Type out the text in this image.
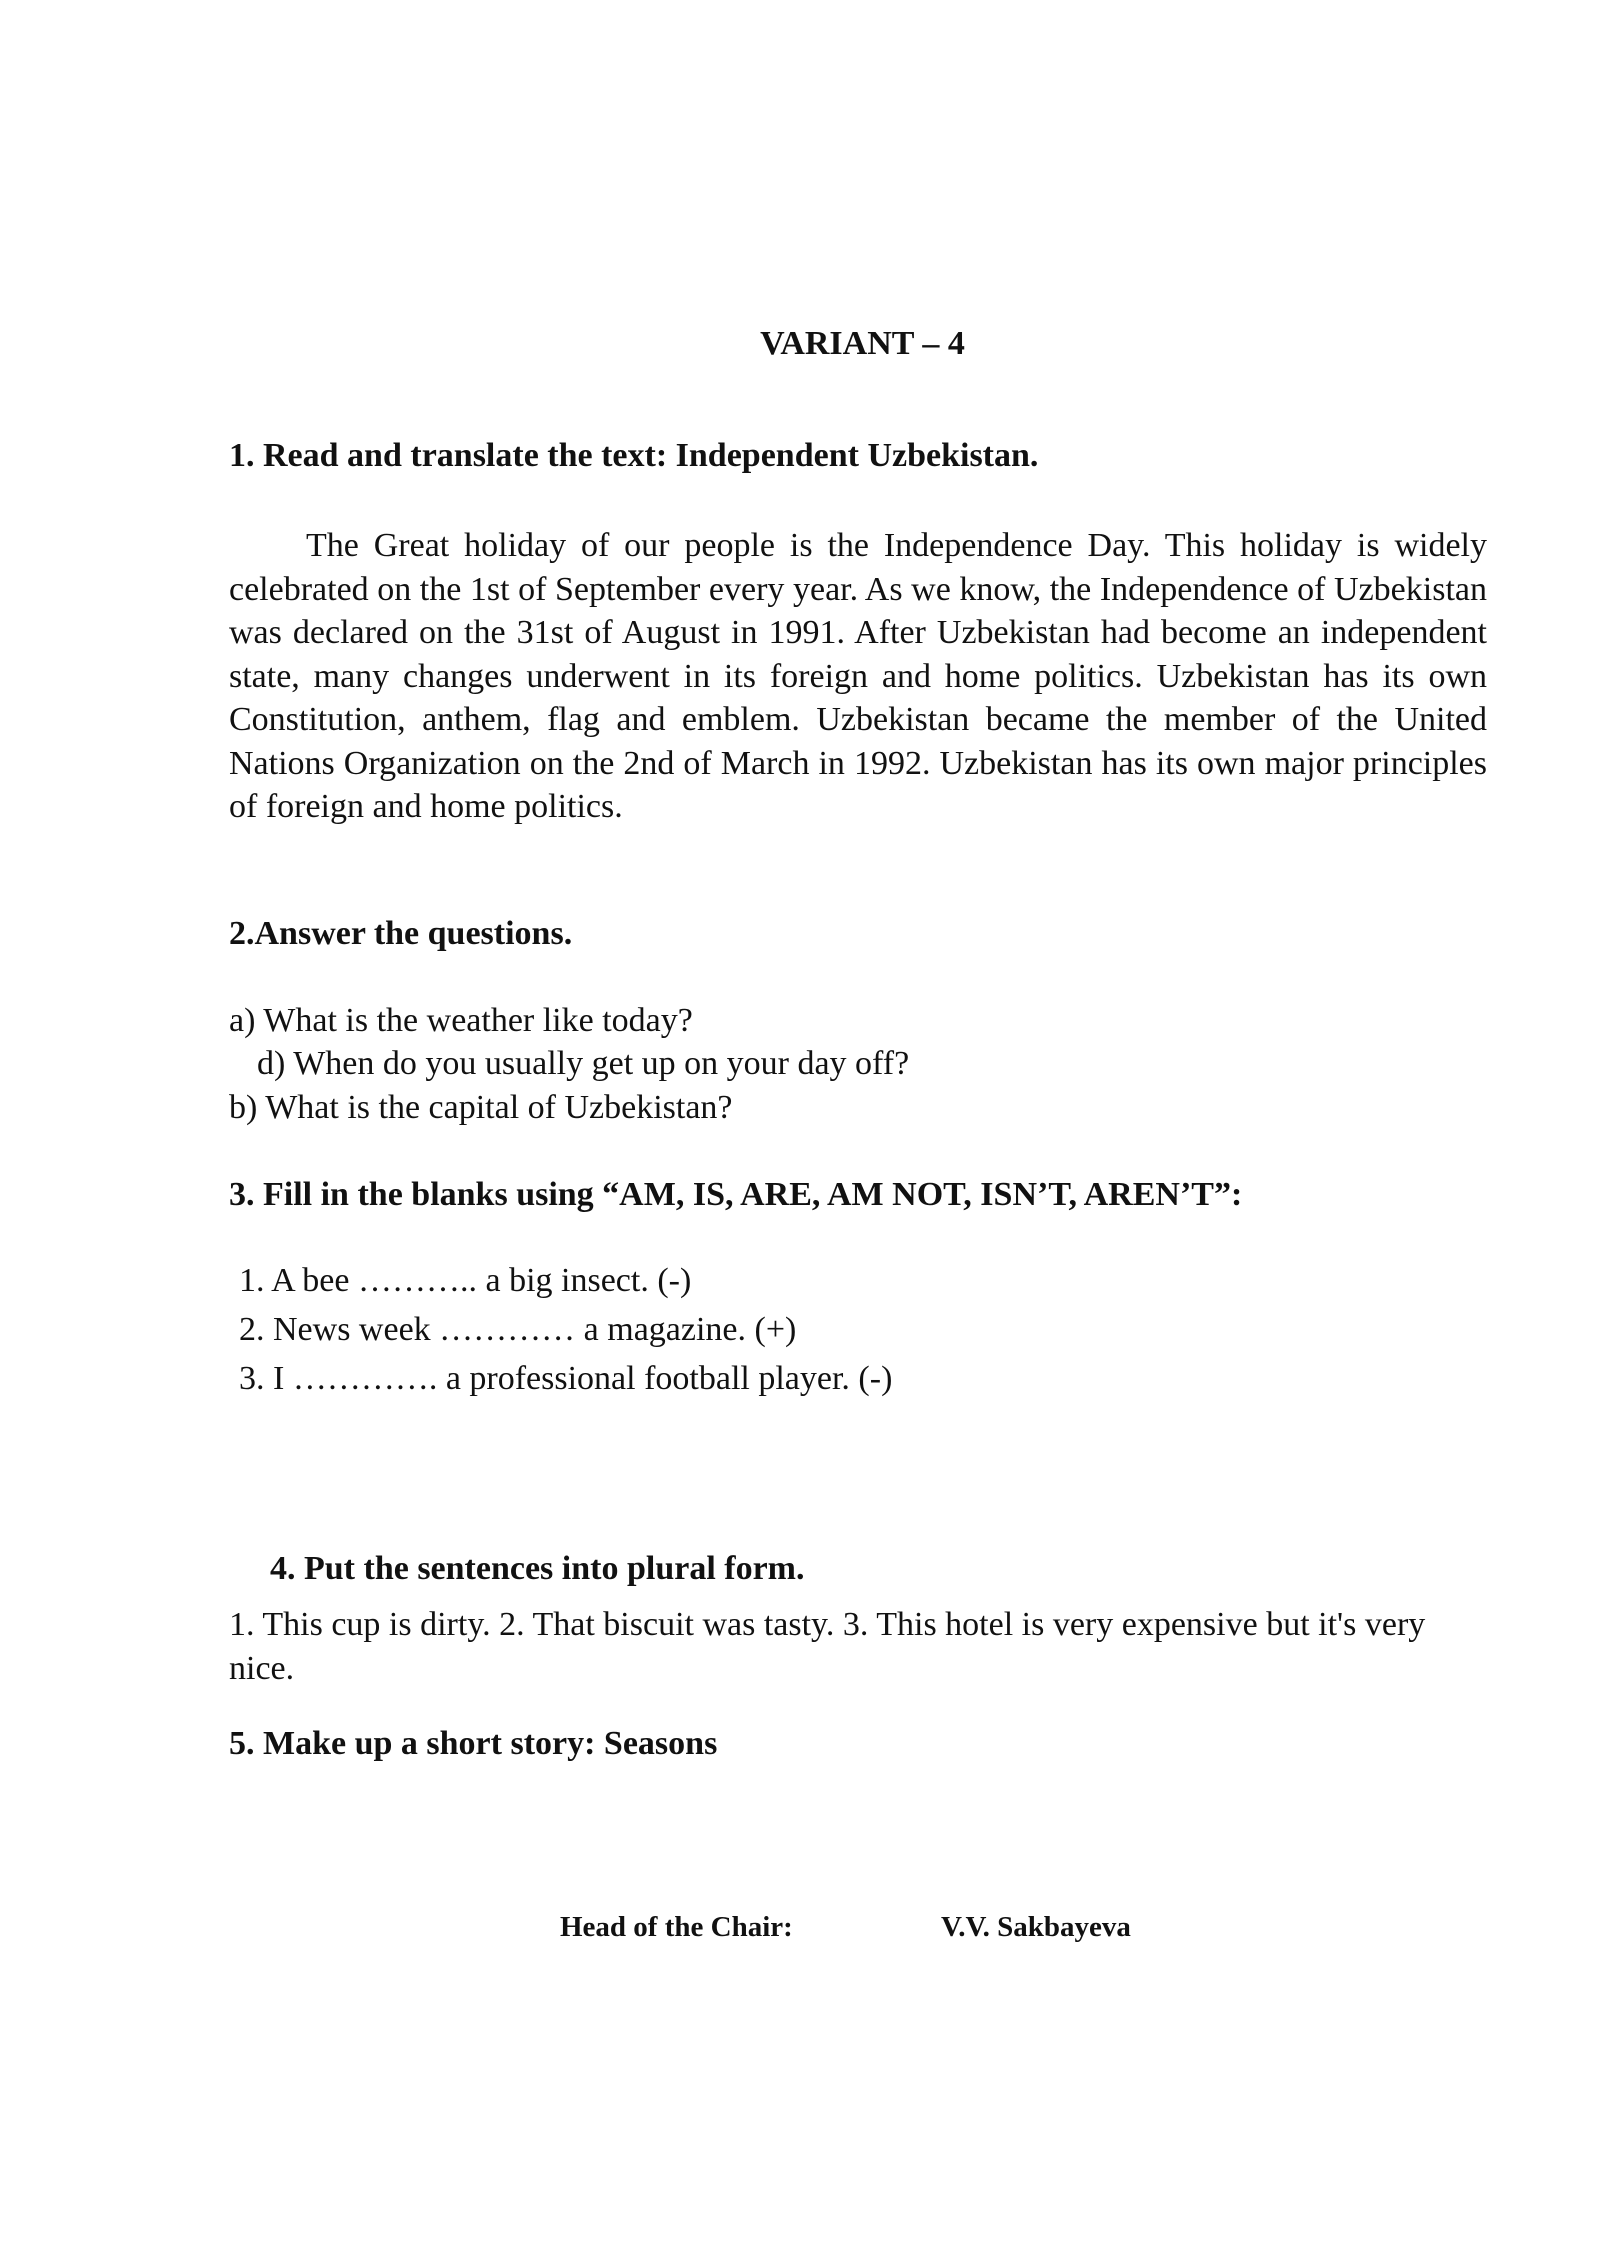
VARIANT – 4
1. Read and translate the text: Independent Uzbekistan.

The Great holiday of our people is the Independence Day. This holiday is widely celebrated on the 1st of September every year. As we know, the Independence of Uzbekistan was declared on the 31st of August in 1991. After Uzbekistan had become an independent state, many changes underwent in its foreign and home politics. Uzbekistan has its own Constitution, anthem, flag and emblem. Uzbekistan became the member of the United Nations Organization on the 2nd of March in 1992. Uzbekistan has its own major principles of foreign and home politics.

2.Answer the questions.
a) What is the weather like today?
d) When do you usually get up on your day off?
b) What is the capital of Uzbekistan?
3. Fill in the blanks using “AM, IS, ARE, AM NOT, ISN’T, AREN’T”:
1. A bee ……….. a big insect. (-)
2. News week ………… a magazine. (+)
3. I …………. a professional football player. (-)
4. Put the sentences into plural form.

1. This cup is dirty. 2. That biscuit was tasty. 3. This hotel is very expensive but it's very nice.

5. Make up a short story: Seasons
Head of the Chair:	V.V. Sakbayeva
